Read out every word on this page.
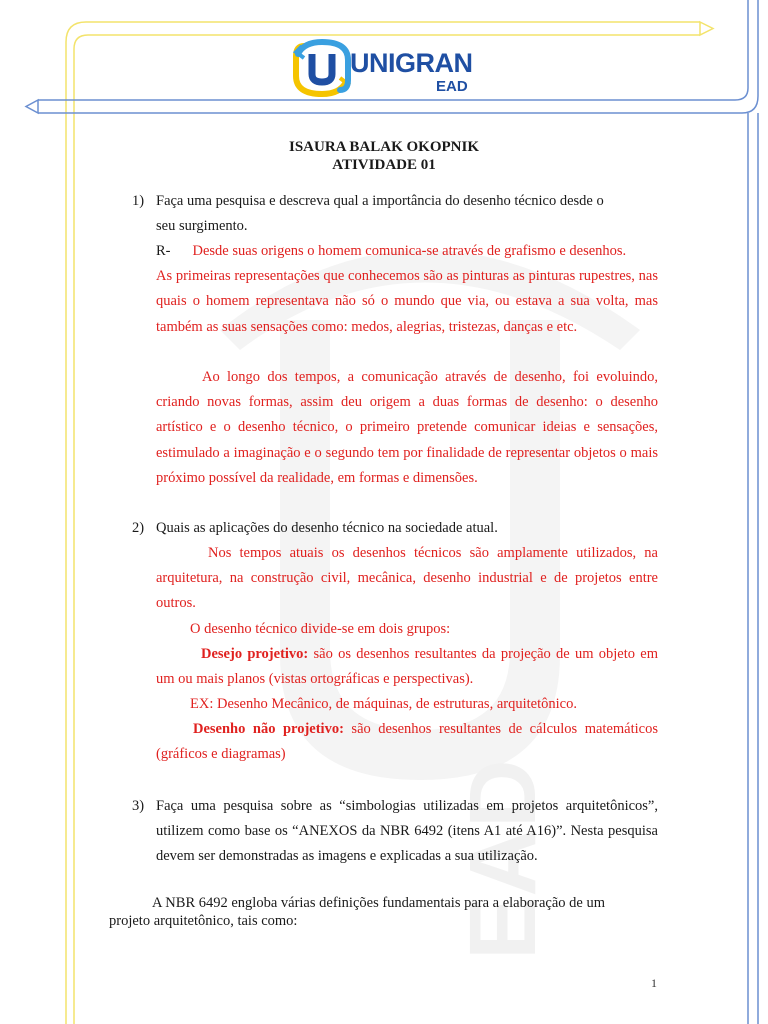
EAD
UNIGRAN
EAD
ISAURA BALAK OKOPNIK
ATIVIDADE 01
1) Faça uma pesquisa e descreva qual a importância do desenho técnico desde o
seu surgimento.
R- Desde suas origens o homem comunica-se através de grafismo e desenhos.
As primeiras representações que conhecemos são as pinturas as pinturas rupestres, nas quais o homem representava não só o mundo que via, ou estava a sua volta, mas também as suas sensações como: medos, alegrias, tristezas, danças e etc.
Ao longo dos tempos, a comunicação através de desenho, foi evoluindo, criando novas formas, assim deu origem a duas formas de desenho: o desenho artístico e o desenho técnico, o primeiro pretende comunicar ideias e sensações, estimulado a imaginação e o segundo tem por finalidade de representar objetos o mais próximo possível da realidade, em formas e dimensões.
2) Quais as aplicações do desenho técnico na sociedade atual.
Nos tempos atuais os desenhos técnicos são amplamente utilizados, na arquitetura, na construção civil, mecânica, desenho industrial e de projetos entre outros.
O desenho técnico divide-se em dois grupos:
Desejo projetivo: são os desenhos resultantes da projeção de um objeto em um ou mais planos (vistas ortográficas e perspectivas).
EX: Desenho Mecânico, de máquinas, de estruturas, arquitetônico.
Desenho não projetivo: são desenhos resultantes de cálculos matemáticos (gráficos e diagramas)
3) Faça uma pesquisa sobre as “simbologias utilizadas em projetos arquitetônicos”, utilizem como base os “ANEXOS da NBR 6492 (itens A1 até A16)”. Nesta pesquisa devem ser demonstradas as imagens e explicadas a sua utilização.
A NBR 6492 engloba várias definições fundamentais para a elaboração de um
projeto arquitetônico, tais como:
1
